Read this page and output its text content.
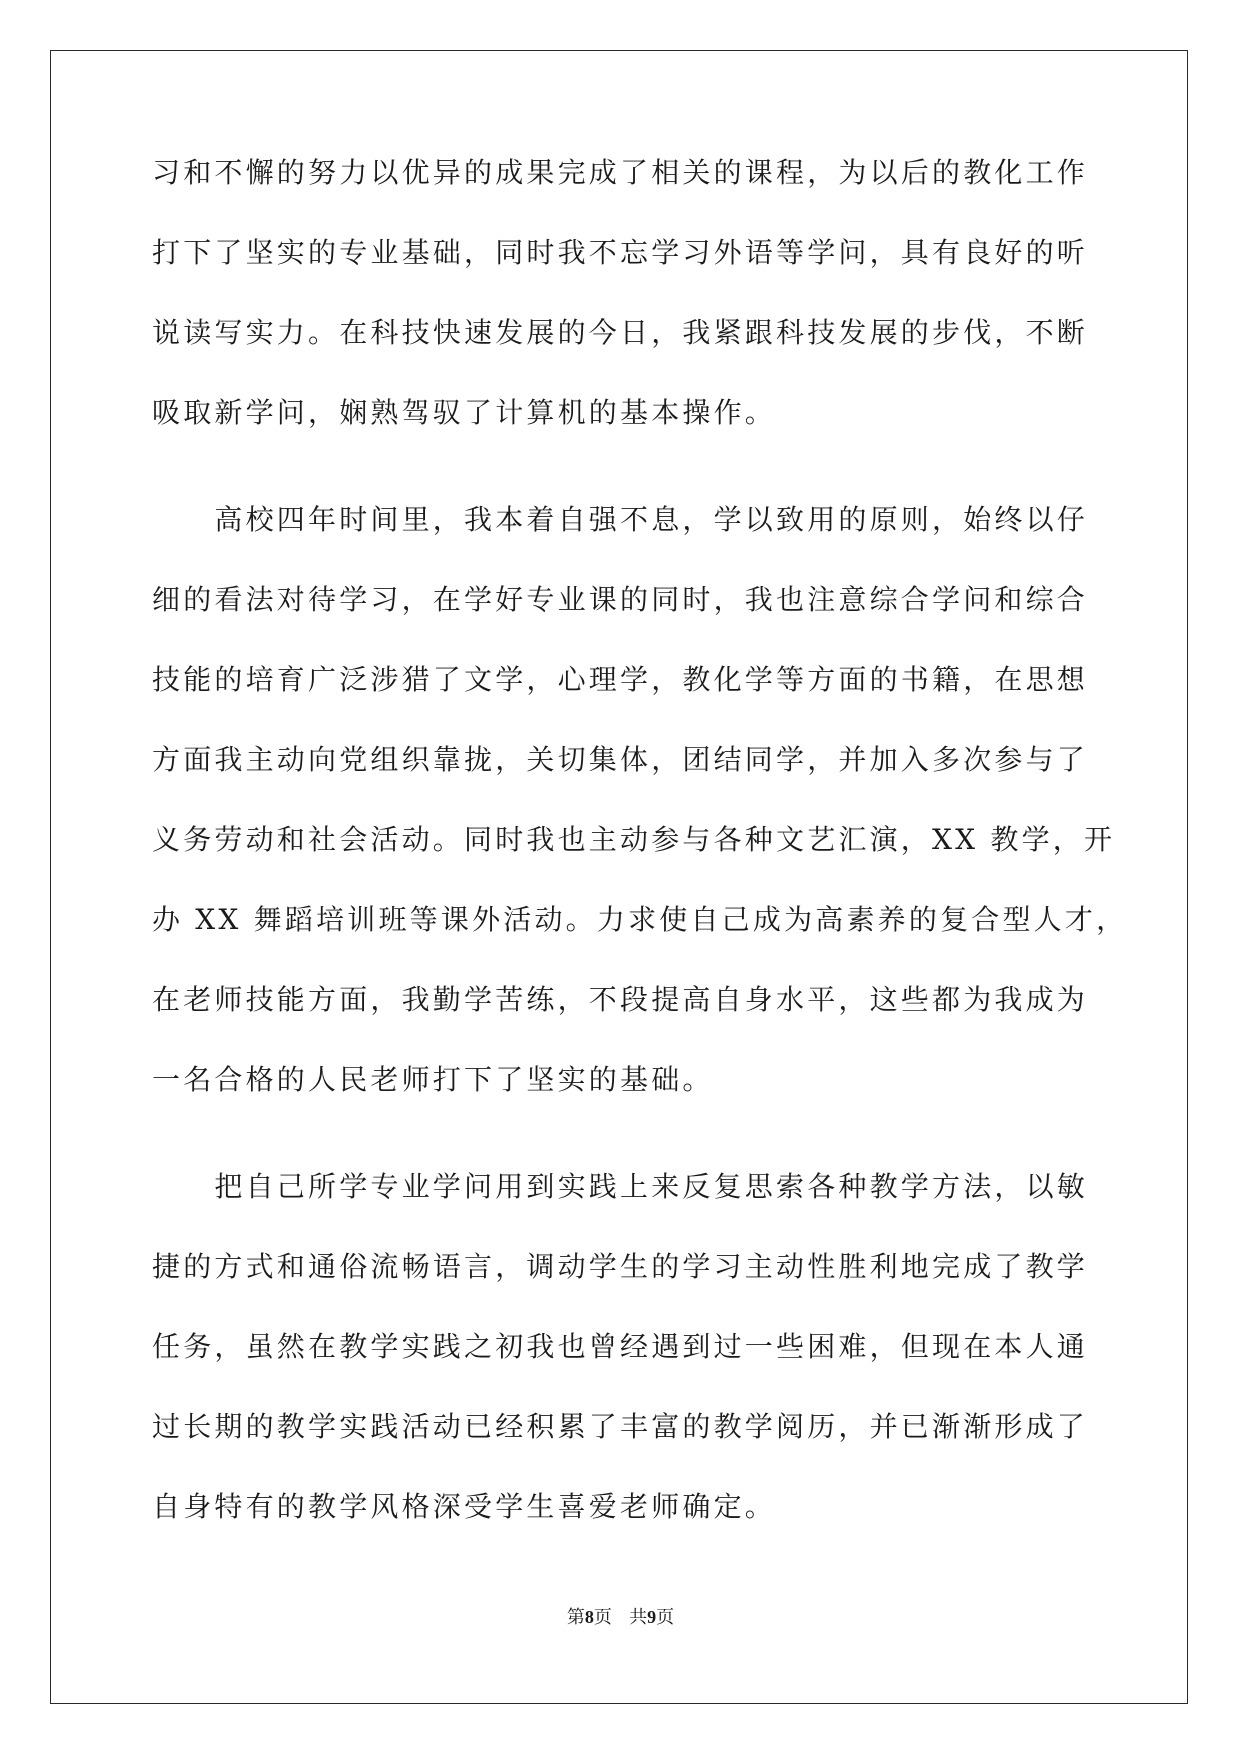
习和不懈的努力以优异的成果完成了相关的课程，为以后的教化工作
打下了坚实的专业基础，同时我不忘学习外语等学问，具有良好的听
说读写实力。在科技快速发展的今日，我紧跟科技发展的步伐，不断
吸取新学问，娴熟驾驭了计算机的基本操作。
　　高校四年时间里，我本着自强不息，学以致用的原则，始终以仔
细的看法对待学习，在学好专业课的同时，我也注意综合学问和综合
技能的培育广泛涉猎了文学，心理学，教化学等方面的书籍，在思想
方面我主动向党组织靠拢，关切集体，团结同学，并加入多次参与了
义务劳动和社会活动。同时我也主动参与各种文艺汇演，XX 教学，开
办 XX 舞蹈培训班等课外活动。力求使自己成为高素养的复合型人才，
在老师技能方面，我勤学苦练，不段提高自身水平，这些都为我成为
一名合格的人民老师打下了坚实的基础。
　　把自己所学专业学问用到实践上来反复思索各种教学方法，以敏
捷的方式和通俗流畅语言，调动学生的学习主动性胜利地完成了教学
任务，虽然在教学实践之初我也曾经遇到过一些困难，但现在本人通
过长期的教学实践活动已经积累了丰富的教学阅历，并已渐渐形成了
自身特有的教学风格深受学生喜爱老师确定。
第8页 共9页
